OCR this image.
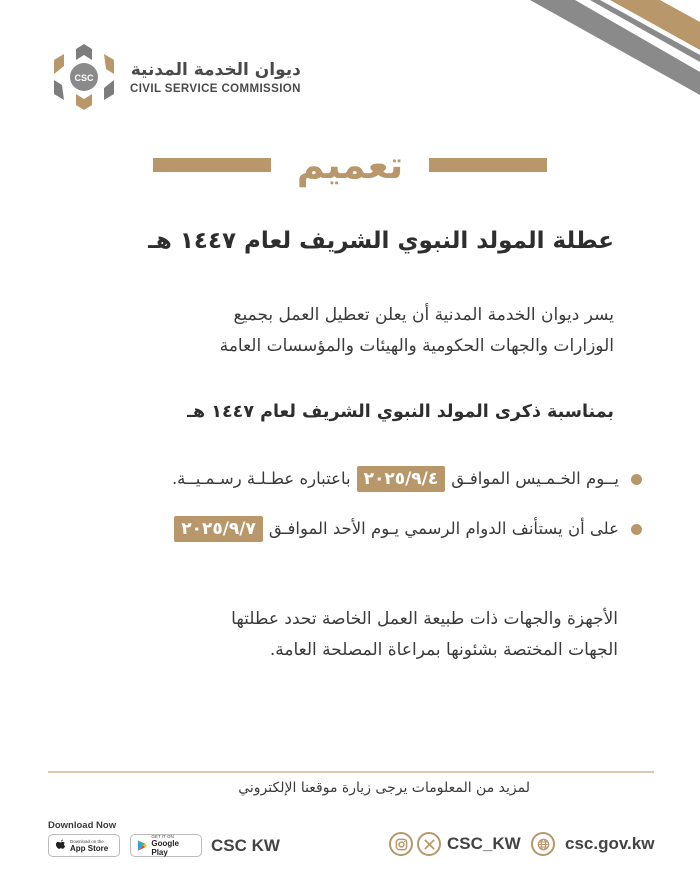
CSC ديوان الخدمة المدنية
CIVIL SERVICE COMMISSION
تعميم
عطلة المولد النبوي الشريف لعام ١٤٤٧ هـ
يسر ديوان الخدمة المدنية أن يعلن تعطيل العمل بجميع
الوزارات والجهات الحكومية والهيئات والمؤسسات العامة
بمناسبة ذكرى المولد النبوي الشريف لعام ١٤٤٧ هـ
يــوم الخـمـيس الموافـق
٢٠٢٥/٩/٤
باعتباره عطـلـة رسـمـيــة.
على أن يستأنف الدوام الرسمي يـوم الأحد الموافـق
٢٠٢٥/٩/٧
الأجهزة والجهات ذات طبيعة العمل الخاصة تحدد عطلتها
الجهات المختصة بشئونها بمراعاة المصلحة العامة.
لمزيد من المعلومات يرجى زيارة موقعنا الإلكتروني
Download Now
Download on the
App Store
GET IT ON
Google Play	CSC KW	CSC_KW	csc.gov.kw
